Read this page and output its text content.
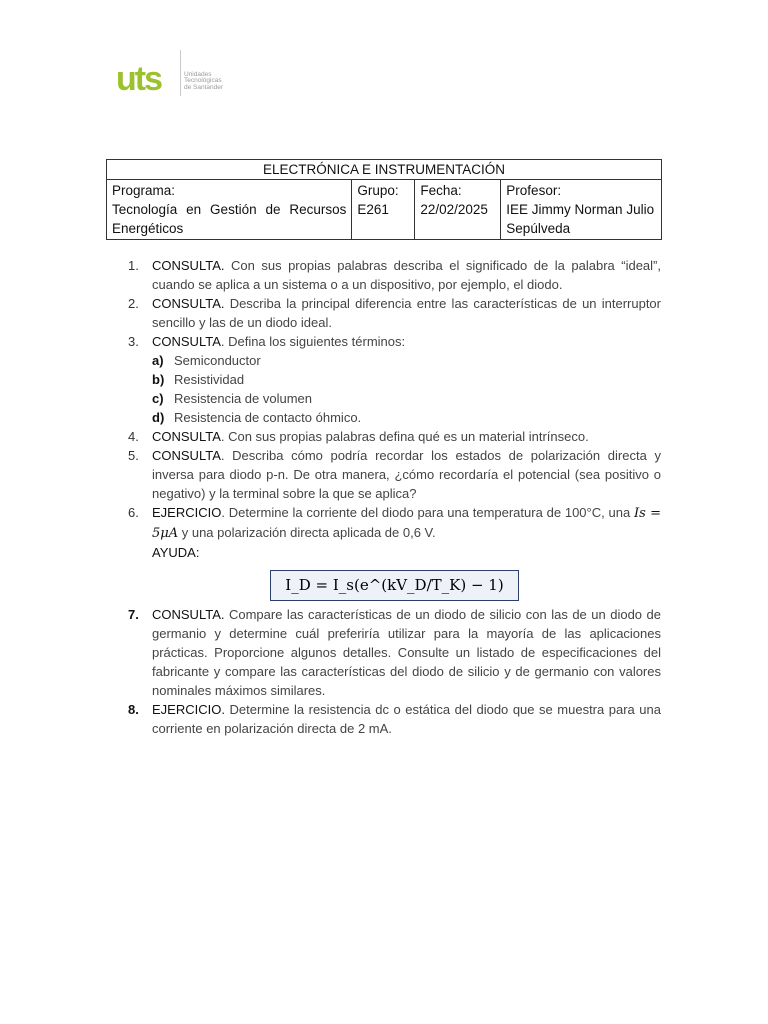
uts	Unidades
Tecnológicas
de Santander
ELECTRÓNICA E INSTRUMENTACIÓN

Programa:
Tecnología en Gestión de Recursos Energéticos

Grupo:
E261

Fecha:
22/02/2025

Profesor:
IEE Jimmy Norman Julio Sepúlveda
1. CONSULTA. Con sus propias palabras describa el significado de la palabra “ideal”, cuando se aplica a un sistema o a un dispositivo, por ejemplo, el diodo.
2. CONSULTA. Describa la principal diferencia entre las características de un interruptor sencillo y las de un diodo ideal.
3. CONSULTA. Defina los siguientes términos:
a) Semiconductor
b) Resistividad
c) Resistencia de volumen
d) Resistencia de contacto óhmico.
4. CONSULTA. Con sus propias palabras defina qué es un material intrínseco.
5. CONSULTA. Describa cómo podría recordar los estados de polarización directa y inversa para diodo p-n. De otra manera, ¿cómo recordaría el potencial (sea positivo o negativo) y la terminal sobre la que se aplica?
6. EJERCICIO. Determine la corriente del diodo para una temperatura de 100°C, una Is = 5μA y una polarización directa aplicada de 0,6 V.
AYUDA:
I_D = I_s(e^(kV_D/T_K) − 1)
7. CONSULTA. Compare las características de un diodo de silicio con las de un diodo de germanio y determine cuál preferiría utilizar para la mayoría de las aplicaciones prácticas. Proporcione algunos detalles. Consulte un listado de especificaciones del fabricante y compare las características del diodo de silicio y de germanio con valores nominales máximos similares.
8. EJERCICIO. Determine la resistencia dc o estática del diodo que se muestra para una corriente en polarización directa de 2 mA.
